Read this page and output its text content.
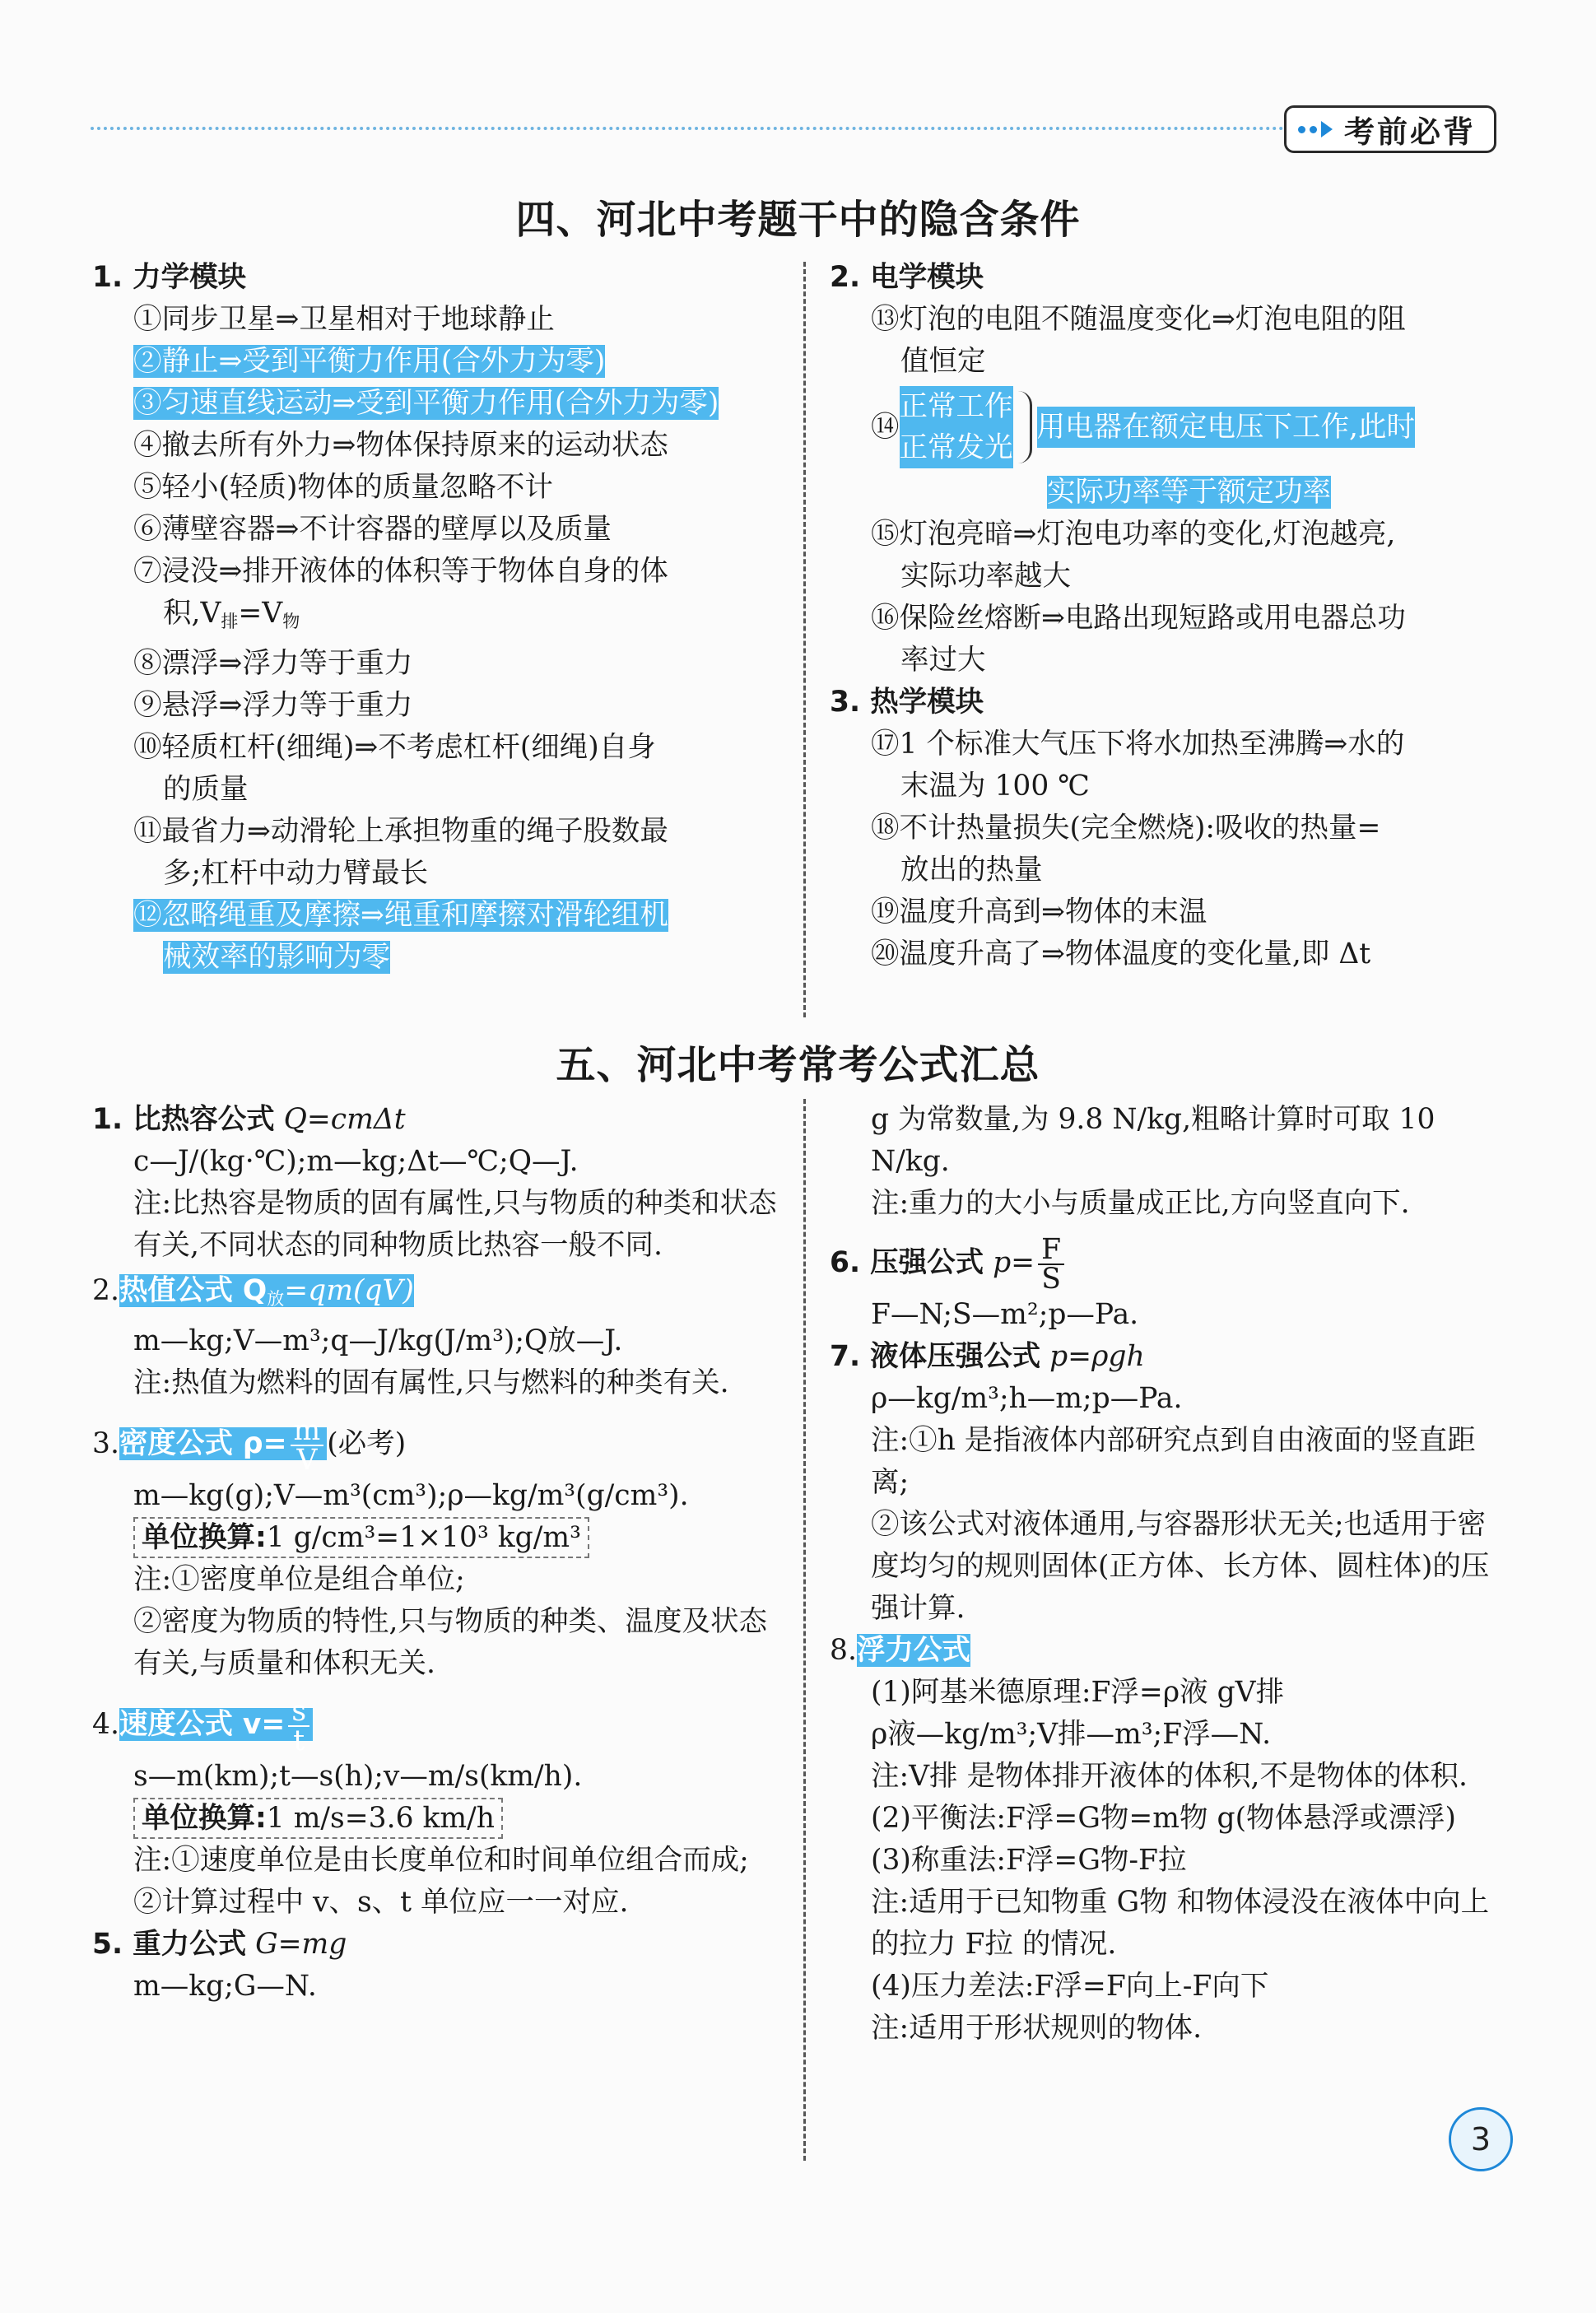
考前必背
四、河北中考题干中的隐含条件

1. 力学模块

①同步卫星⇒卫星相对于地球静止

②静止⇒受到平衡力作用(合外力为零)

③匀速直线运动⇒受到平衡力作用(合外力为零)

④撤去所有外力⇒物体保持原来的运动状态

⑤轻小(轻质)物体的质量忽略不计

⑥薄壁容器⇒不计容器的壁厚以及质量

⑦浸没⇒排开液体的体积等于物体自身的体

积$,V_排=V_物$

⑧漂浮⇒浮力等于重力

⑨悬浮⇒浮力等于重力

⑩轻质杠杆(细绳)⇒不考虑杠杆(细绳)自身

的质量

⑪最省力⇒动滑轮上承担物重的绳子股数最

多;杠杆中动力臂最长

⑫忽略绳重及摩擦⇒绳重和摩擦对滑轮组机

械效率的影响为零

2. 电学模块

⑬灯泡的电阻不随温度变化⇒灯泡电阻的阻

值恒定

⑭
正常工作
正常发光
用电器在额定电压下工作,此时

实际功率等于额定功率

⑮灯泡亮暗⇒灯泡电功率的变化,灯泡越亮,

实际功率越大

⑯保险丝熔断⇒电路出现短路或用电器总功

率过大

3. 热学模块

⑰1 个标准大气压下将水加热至沸腾⇒水的

末温为 100 ℃

⑱不计热量损失(完全燃烧):吸收的热量=

放出的热量

⑲温度升高到⇒物体的末温

⑳温度升高了⇒物体温度的变化量,即 Δt

五、河北中考常考公式汇总

1. 比热容公式 Q=cmΔt

c—J/(kg·℃);m—kg;Δt—℃;Q—J.

注:比热容是物质的固有属性,只与物质的种类和状态有关,不同状态的同种物质比热容一般不同.

2.热值公式 $Q_放=qm(qV)$

m—kg;V—m³;q—J/kg(J/m³);Q放—J.

注:热值为燃料的固有属性,只与燃料的种类有关.

3.密度公式 $\rho= \frac{m}{V}$ (必考)

m—kg(g);V—m³(cm³);ρ—kg/m³(g/cm³).

单位换算:1 g/cm³=1×10³ kg/m³

注:①密度单位是组合单位;

②密度为物质的特性,只与物质的种类、温度及状态有关,与质量和体积无关.

4.速度公式 $v= \frac{s}{t}$

s—m(km);t—s(h);v—m/s(km/h).

单位换算:1 m/s=3.6 km/h

注:①速度单位是由长度单位和时间单位组合而成;

②计算过程中 v、s、t 单位应一一对应.

5. 重力公式 G=mg

m—kg;G—N.

g 为常数量,为 9.8 N/kg,粗略计算时可取 10 N/kg.

注:重力的大小与质量成正比,方向竖直向下.

6. 压强公式 $p= \frac{F}{S}$

F—N;S—m²;p—Pa.

7. 液体压强公式 p=ρgh

ρ—kg/m³;h—m;p—Pa.

注:①h 是指液体内部研究点到自由液面的竖直距离;

②该公式对液体通用,与容器形状无关;也适用于密度均匀的规则固体(正方体、长方体、圆柱体)的压强计算.

8.浮力公式

(1)阿基米德原理:F浮=ρ液 gV排

ρ液—kg/m³;V排—m³;F浮—N.

注:V排 是物体排开液体的体积,不是物体的体积.

(2)平衡法:F浮=G物=m物 g(物体悬浮或漂浮)

(3)称重法:F浮=G物-F拉

注:适用于已知物重 G物 和物体浸没在液体中向上的拉力 F拉 的情况.

(4)压力差法:F浮=F向上-F向下

注:适用于形状规则的物体.

3
